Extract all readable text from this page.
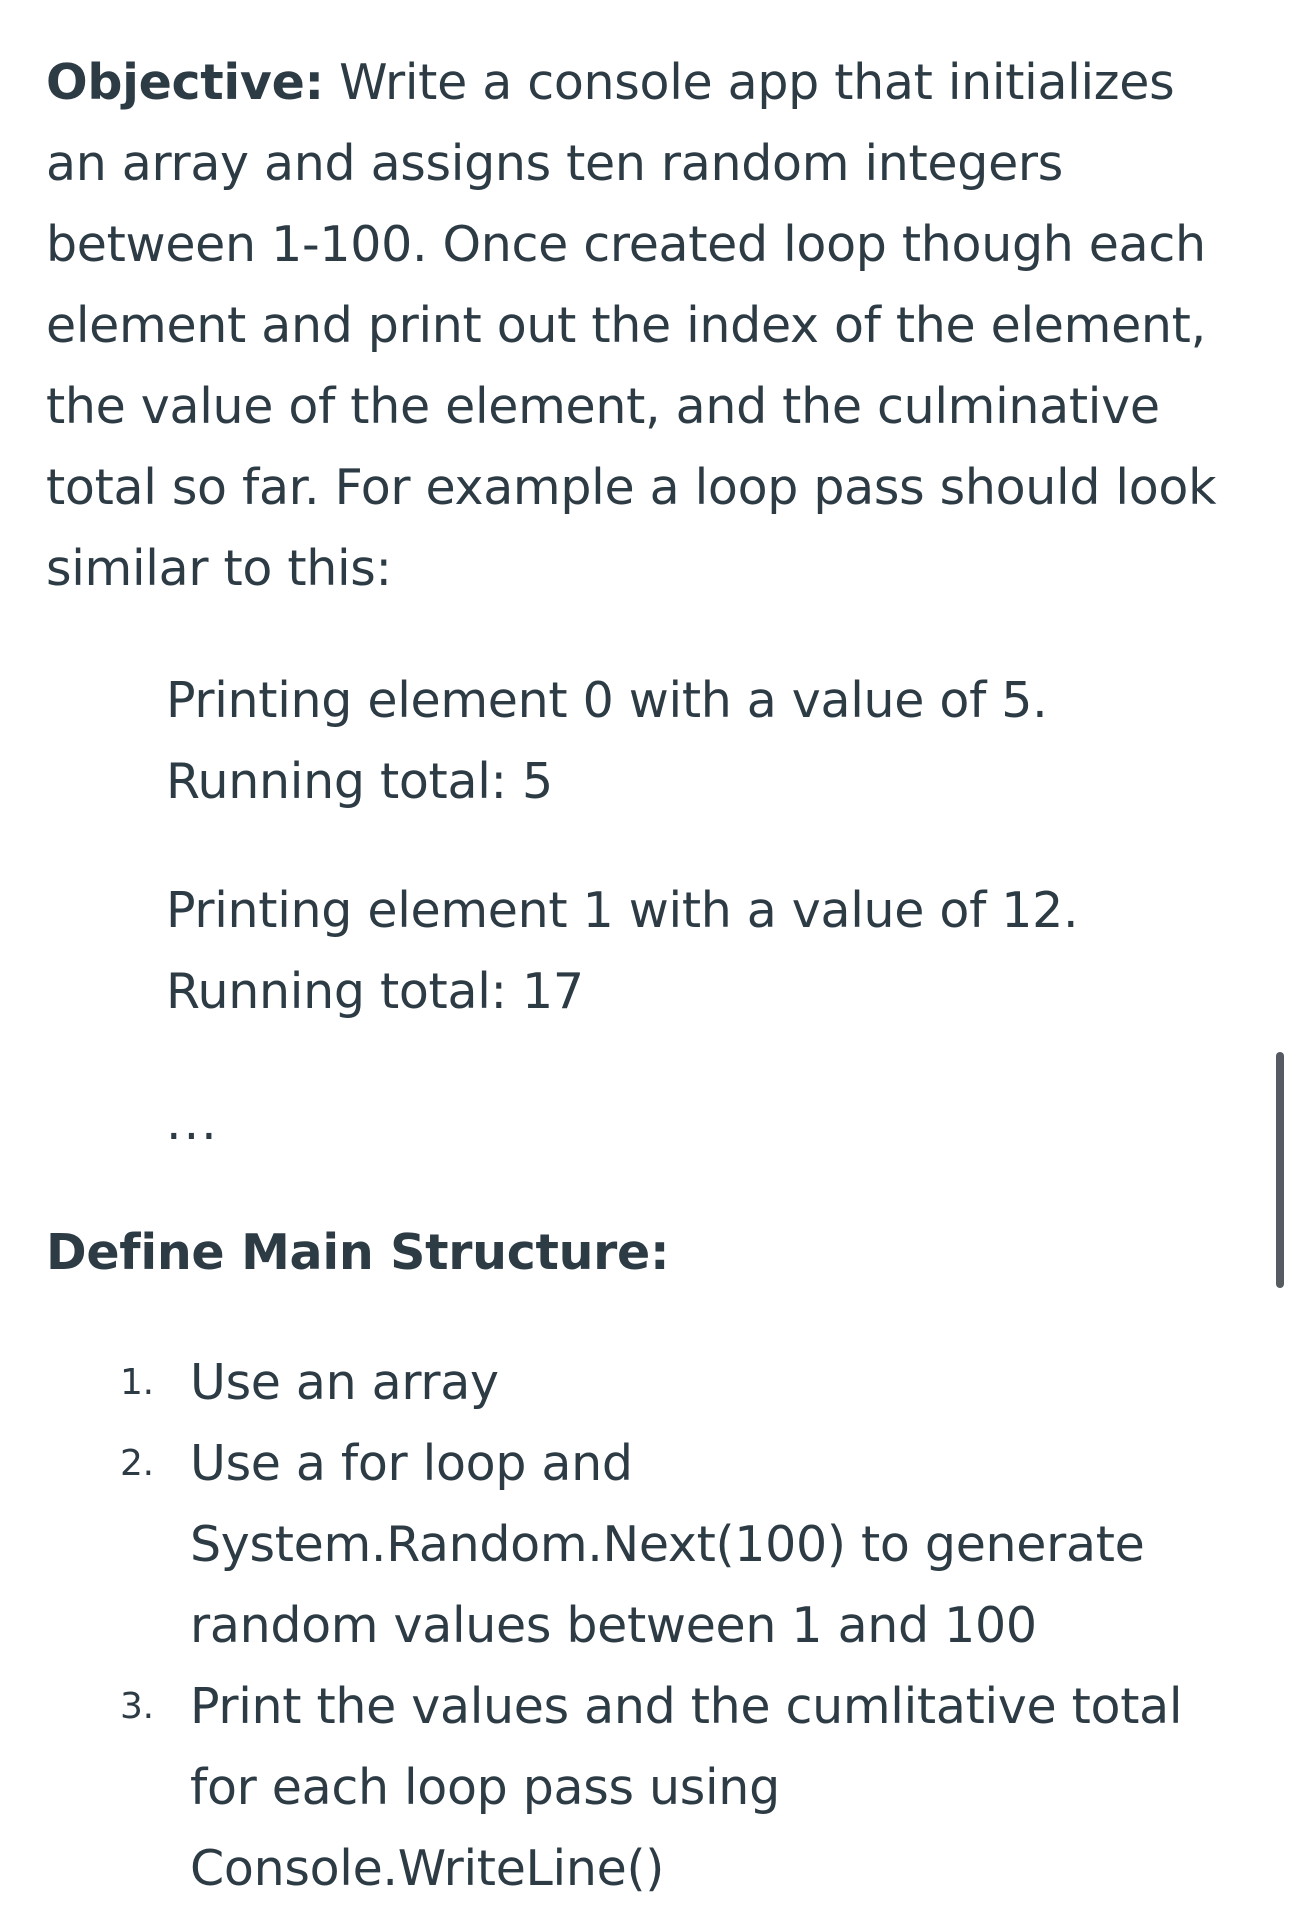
Objective: Write a console app that initializes an array and assigns ten random integers between 1-100. Once created loop though each element and print out the index of the element, the value of the element, and the culminative total so far. For example a loop pass should look similar to this:

Printing element 0 with a value of 5.

Running total: 5

Printing element 1 with a value of 12.

Running total: 17

...
Define Main Structure:
1. Use an array
2. Use a for loop and System.Random.Next(100) to generate random values between 1 and 100
3. Print the values and the cumlitative total for each loop pass using Console.WriteLine()
